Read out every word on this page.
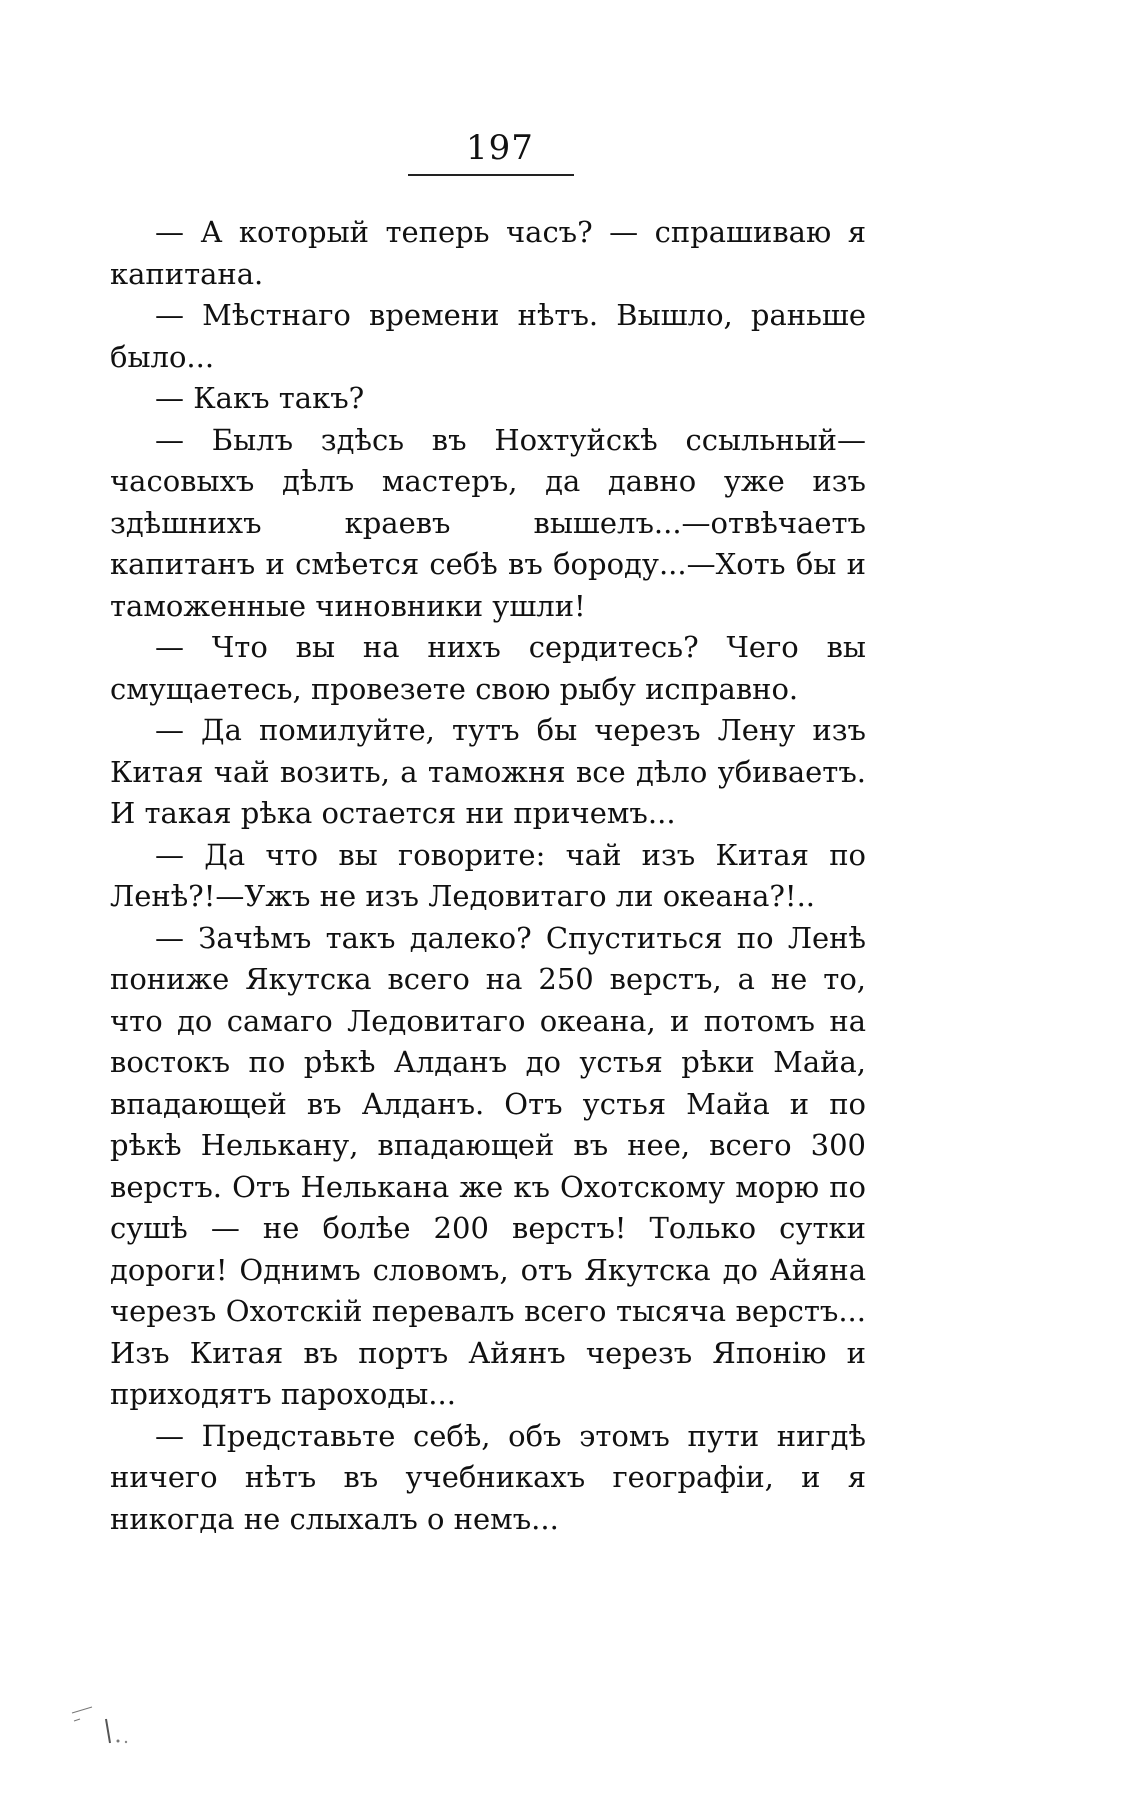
197

— А который теперь часъ? — спрашиваю я капитана.

— Мѣстнаго времени нѣтъ. Вышло, раньше было...

— Какъ такъ?

— Былъ здѣсь въ Нохтуйскѣ ссыльный—часовыхъ дѣлъ мастеръ, да давно уже изъ здѣшнихъ краевъ вышелъ...—отвѣчаетъ капитанъ и смѣется себѣ въ бороду...—Хоть бы и таможенные чиновники ушли!

— Что вы на нихъ сердитесь? Чего вы смущаетесь, провезете свою рыбу исправно.

— Да помилуйте, тутъ бы черезъ Лену изъ Китая чай возить, а таможня все дѣло убиваетъ. И такая рѣка остается ни причемъ...

— Да что вы говорите: чай изъ Китая по Ленѣ?!—Ужъ не изъ Ледовитаго ли океана?!..

— Зачѣмъ такъ далеко? Спуститься по Ленѣ пониже Якутска всего на 250 верстъ, а не то, что до самаго Ледовитаго океана, и потомъ на востокъ по рѣкѣ Алданъ до устья рѣки Майа, впадающей въ Алданъ. Отъ устья Майа и по рѣкѣ Нелькану, впадающей въ нее, всего 300 верстъ. Отъ Нелькана же къ Охотскому морю по сушѣ — не болѣе 200 верстъ! Только сутки дороги! Однимъ словомъ, отъ Якутска до Айяна черезъ Охотскiй перевалъ всего тысяча верстъ... Изъ Китая въ портъ Айянъ черезъ Японiю и приходятъ пароходы...

— Представьте себѣ, объ этомъ пути нигдѣ ничего нѣтъ въ учебникахъ географiи, и я никогда не слыхалъ о немъ...
